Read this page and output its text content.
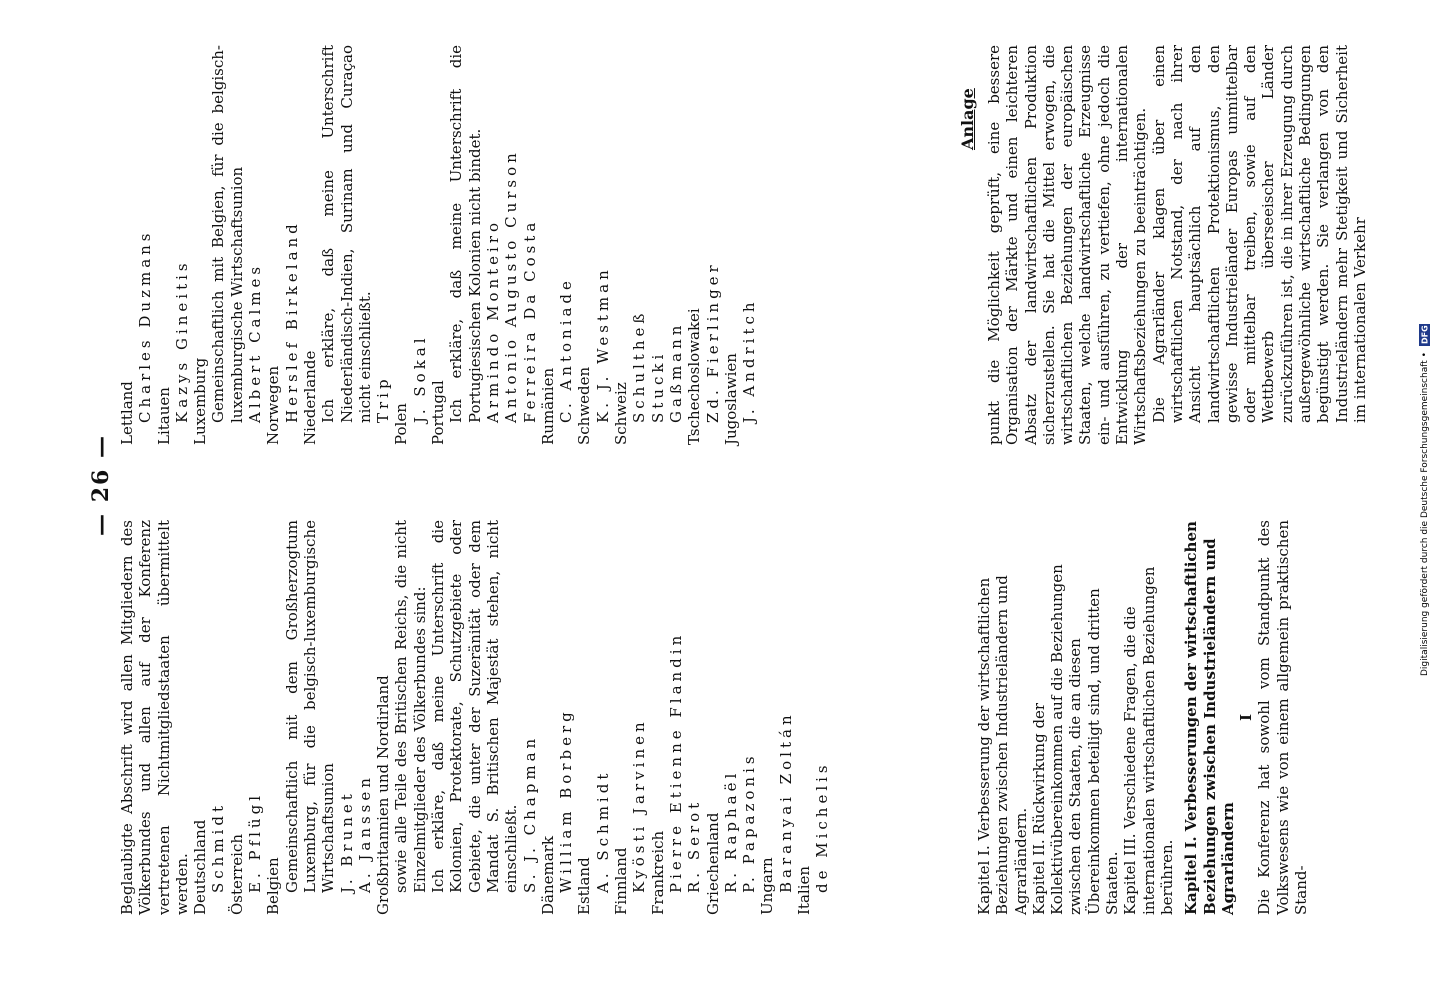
Digitalisierung gefördert durch die Deutsche Forschungsgemeinschaft •
DFG
— 26 —

Beglaubigte Abschrift wird allen Mitgliedern des Völkerbundes und allen auf der Konferenz vertretenen Nichtmitgliedstaaten übermittelt werden. Deutschland Schmidt Österreich E. Pflügl Belgien Gemeinschaftlich mit dem Großherzogtum Luxemburg, für die belgisch-luxemburgische Wirtschaftsunion J. Brunet A. Janssen Großbritannien und Nordirland sowie alle Teile des Britischen Reichs, die nicht Einzelmitglieder des Völkerbundes sind: Ich erkläre, daß meine Unterschrift die Kolonien, Protektorate, Schutzgebiete oder Gebiete, die unter der Suzeränität oder dem Mandat S. Britischen Majestät stehen, nicht einschließt. S. J. Chapman Dänemark William Borberg Estland A. Schmidt Finnland Kyösti Jarvinen Frankreich Pierre Etienne Flandin R. Serot Griechenland R. Raphaël P. Papazonis Ungarn Baranyai Zoltán Italien de Michelis

Lettland Charles Duzmans Litauen Kazys Gineitis Luxemburg Gemeinschaftlich mit Belgien, für die belgisch-luxemburgische Wirtschaftsunion Albert Calmes Norwegen Herslef Birkeland Niederlande Ich erkläre, daß meine Unterschrift Niederländisch-Indien, Surinam und Curaçao nicht einschließt. Trip

Polen

J. Sokal Portugal Ich erkläre, daß meine Unterschrift die Portugiesischen Kolonien nicht bindet. Armindo Monteiro Antonio Augusto Curson Ferreira Da Costa Rumänien C. Antoniade Schweden K. J. Westman Schweiz Schultheß Stucki Gaßmann Tschechoslowakei Zd. Fierlinger Jugoslawien J. Andritch

Kapitel I. Verbesserung der wirtschaftlichen Beziehungen zwischen Industrieländern und Agrarländern. Kapitel II. Rückwirkung der Kollektivübereinkommen auf die Beziehungen zwischen den Staaten, die an diesen Übereinkommen beteiligt sind, und dritten Staaten. Kapitel III. Verschiedene Fragen, die die internationalen wirtschaftlichen Beziehungen berühren. Kapitel I. Verbesserungen der wirtschaftlichen Beziehungen zwischen Industrieländern und Agrarländern

I Die Konferenz hat sowohl vom Standpunkt des Volkswesens wie von einem allgemein praktischen Stand-

Anlage punkt die Möglichkeit geprüft, eine bessere Organisation der Märkte und einen leichteren Absatz der landwirtschaftlichen Produktion sicherzustellen. Sie hat die Mittel erwogen, die wirtschaftlichen Beziehungen der europäischen Staaten, welche landwirtschaftliche Erzeugnisse ein- und ausführen, zu vertiefen, ohne jedoch die Entwicklung der internationalen Wirtschaftsbeziehungen zu beeinträchtigen. Die Agrarländer klagen über einen wirtschaftlichen Notstand, der nach ihrer Ansicht hauptsächlich auf den landwirtschaftlichen Protektionismus, den gewisse Industrieländer Europas unmittelbar oder mittelbar treiben, sowie auf den Wettbewerb überseeischer Länder zurückzuführen ist, die in ihrer Erzeugung durch außergewöhnliche wirtschaftliche Bedingungen begünstigt werden. Sie verlangen von den Industrieländern mehr Stetigkeit und Sicherheit im internationalen Verkehr
